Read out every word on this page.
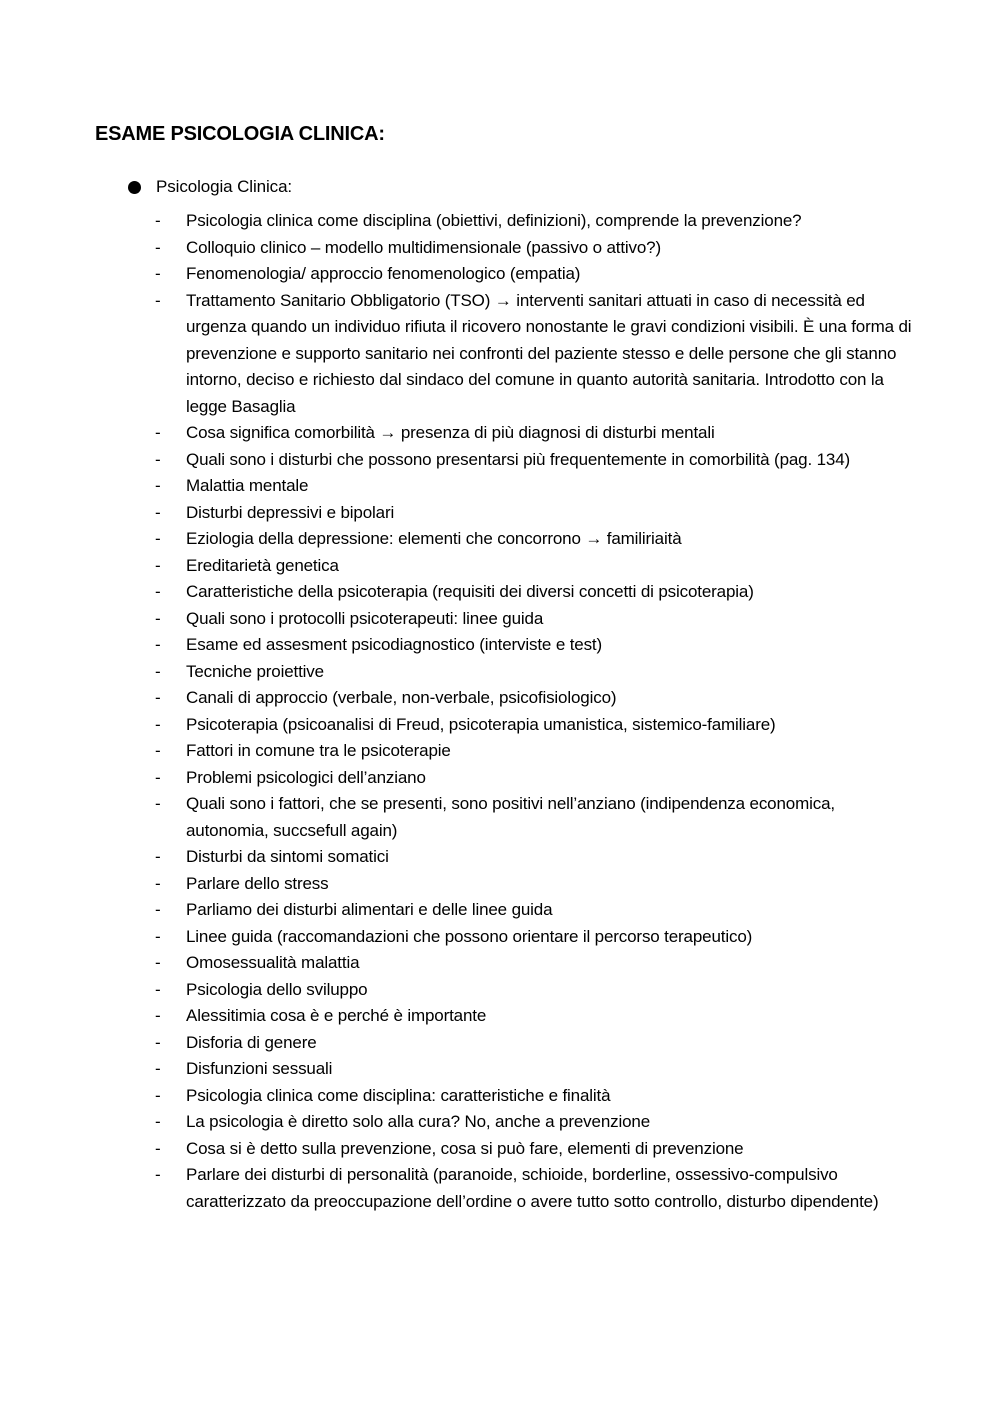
ESAME PSICOLOGIA CLINICA:
Psicologia Clinica:
- Psicologia clinica come disciplina (obiettivi, definizioni), comprende la prevenzione?
- Colloquio clinico – modello multidimensionale (passivo o attivo?)
- Fenomenologia/ approccio fenomenologico (empatia)
- Trattamento Sanitario Obbligatorio (TSO) → interventi sanitari attuati in caso di necessità ed urgenza quando un individuo rifiuta il ricovero nonostante le gravi condizioni visibili. È una forma di prevenzione e supporto sanitario nei confronti del paziente stesso e delle persone che gli stanno intorno, deciso e richiesto dal sindaco del comune in quanto autorità sanitaria. Introdotto con la legge Basaglia
- Cosa significa comorbilità → presenza di più diagnosi di disturbi mentali
- Quali sono i disturbi che possono presentarsi più frequentemente in comorbilità (pag. 134)
- Malattia mentale
- Disturbi depressivi e bipolari
- Eziologia della depressione: elementi che concorrono → familiriaità
- Ereditarietà genetica
- Caratteristiche della psicoterapia (requisiti dei diversi concetti di psicoterapia)
- Quali sono i protocolli psicoterapeuti: linee guida
- Esame ed assesment psicodiagnostico (interviste e test)
- Tecniche proiettive
- Canali di approccio (verbale, non-verbale, psicofisiologico)
- Psicoterapia (psicoanalisi di Freud, psicoterapia umanistica, sistemico-familiare)
- Fattori in comune tra le psicoterapie
- Problemi psicologici dell’anziano
- Quali sono i fattori, che se presenti, sono positivi nell’anziano (indipendenza economica, autonomia, succsefull again)
- Disturbi da sintomi somatici
- Parlare dello stress
- Parliamo dei disturbi alimentari e delle linee guida
- Linee guida (raccomandazioni che possono orientare il percorso terapeutico)
- Omosessualità malattia
- Psicologia dello sviluppo
- Alessitimia cosa è e perché è importante
- Disforia di genere
- Disfunzioni sessuali
- Psicologia clinica come disciplina: caratteristiche e finalità
- La psicologia è diretto solo alla cura? No, anche a prevenzione
- Cosa si è detto sulla prevenzione, cosa si può fare, elementi di prevenzione
- Parlare dei disturbi di personalità (paranoide, schioide, borderline, ossessivo-compulsivo caratterizzato da preoccupazione dell’ordine o avere tutto sotto controllo, disturbo dipendente)
